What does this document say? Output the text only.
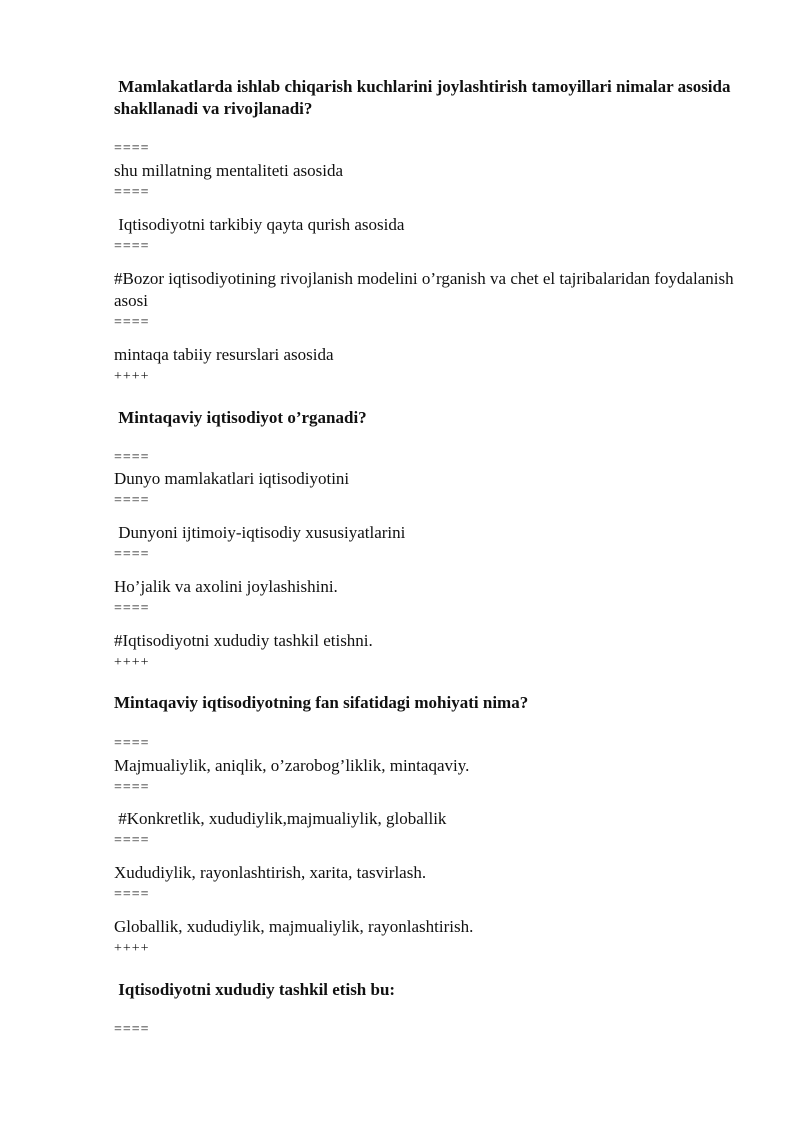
Mamlakatlarda ishlab chiqarish kuchlarini joylashtirish tamoyillari nimalar asosida shakllanadi va rivojlanadi?
====
shu millatning mentaliteti asosida
====
Iqtisodiyotni tarkibiy qayta qurish asosida
====
#Bozor iqtisodiyotining rivojlanish modelini o’rganish va chet el tajribalaridan foydalanish asosi
====
mintaqa tabiiy resurslari asosida
++++
Mintaqaviy iqtisodiyot o’rganadi?
====
Dunyo mamlakatlari iqtisodiyotini
====
Dunyoni ijtimoiy-iqtisodiy xususiyatlarini
====
Ho’jalik va axolini joylashishini.
====
#Iqtisodiyotni xududiy tashkil etishni.
++++
Mintaqaviy iqtisodiyotning fan sifatidagi mohiyati nima?
====
Majmualiylik, aniqlik, o’zarobog’liklik, mintaqaviy.
====
#Konkretlik, xududiylik,majmualiylik, globallik
====
Xududiylik, rayonlashtirish, xarita, tasvirlash.
====
Globallik, xududiylik, majmualiylik, rayonlashtirish.
++++
Iqtisodiyotni xududiy tashkil etish bu:
====
